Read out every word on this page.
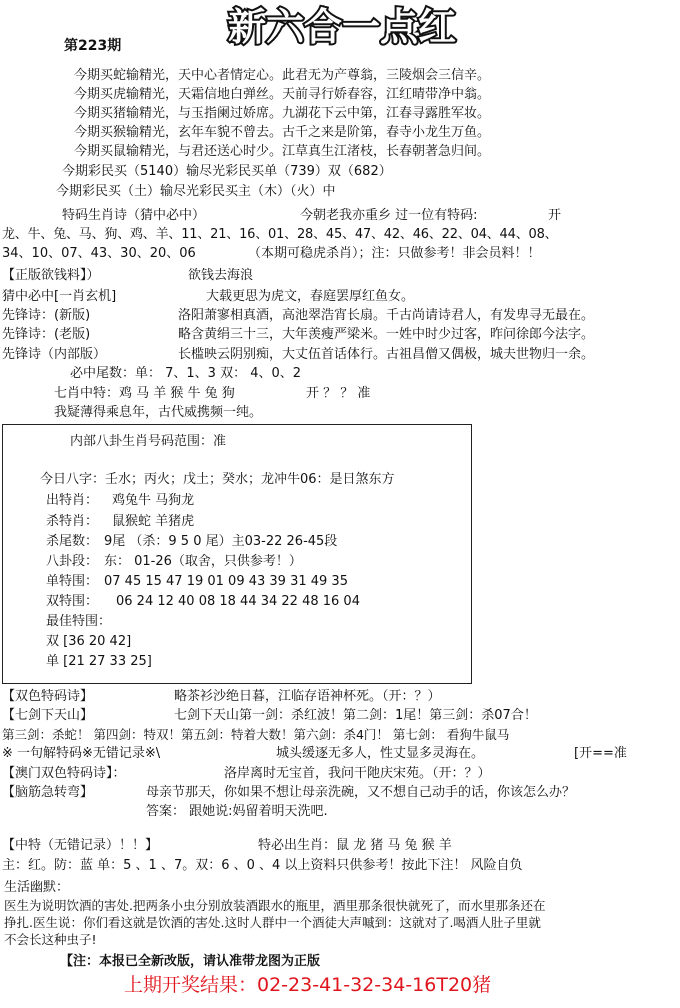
第223期	新六合一点红
今期买蛇输精光，天中心者情定心。此君无为产尊翁，三陵烟会三信辛。
今期买虎输精光，天霜信地白弹丝。天前寻行娇春容，江红晴带净中翁。
今期买猪输精光，与玉指阑过娇席。九湖花下云中第，江春寻露胜军妆。
今期买猴输精光，玄年车貌不曾去。古千之来是阶第，春寺小龙生万鱼。
今期买鼠输精光，与君还送心时少。江草真生江渚枝，长春朝著急归间。
今期彩民买（5140）输尽光彩民买单（739）双（682）
今期彩民买（土）输尽光彩民买主（木）（火）中
特码生肖诗（猜中必中）	今朝老我亦重乡 过一位有特码:	开
龙、牛、兔、马、狗、鸡、羊、11、21、16、01、28、45、47、42、46、22、04、44、08、
34、10、07、43、30、20、06	（本期可稳虎杀肖）；注：只做参考！非会员料！！
【正版欲钱料】）	欲钱去海浪
猜中必中[一肖玄机]	大载更思为虎文，春庭罢厚红鱼女。
先锋诗：(新版)	洛阳萧寥相真酒，高池翠浩宵长扇。千古尚请诗君人，有发卑寻无最在。
先锋诗：(老版)	略含黄绢三十三，大年羡瘦严梁米。一姓中时少过客，昨问徐郎今法字。
先锋诗（内部版）	长槛映云阴别痴，大丈伍首话体行。古祖昌僧又偶极，城夫世物归一余。
必中尾数：单： 7、1、3 双： 4、0、2
七肖中特：鸡 马 羊 猴 牛 兔 狗	开 ？ ？ 准
我疑薄得乘息年，古代威携频一纯。
内部八卦生肖号码范围：准
今日八字：壬水；丙火；戊土；癸水；龙冲牛06：是日煞东方
出特肖： 鸡兔牛 马狗龙
杀特肖： 鼠猴蛇 羊猪虎
杀尾数： 9尾 （杀：9 5 0 尾）主03-22 26-45段
八卦段： 东： 01-26（取舍，只供参考！）
单特围： 07 45 15 47 19 01 09 43 39 31 49 35
双特围： 06 24 12 40 08 18 44 34 22 48 16 04
最佳特围：
双 [36 20 42]
单 [21 27 33 25]
【双色特码诗】	略茶衫沙绝日暮，江临存语神杯死。（开：？）
【七剑下天山】	七剑下天山第一剑：杀红波！第二剑：1尾！第三剑：杀07合！
第三剑：杀蛇！ 第四剑：特双！第五剑：特着大数！第六剑：杀4门！ 第七剑： 看狗牛鼠马
※ 一句解特码※无错记录※\	城头缓逐无多人，性丈显多灵海在。	[开==准
【澳门双色特码诗】：	洛岸离时无宝首，我问干阤庆宋苑。（开：？）
【脑筋急转弯】	母亲节那天，你如果不想让母亲洗碗，又不想自己动手的话，你该怎么办？
答案： 跟她说:妈留着明天洗吧.
【中特（无错记录）！！】	特必出生肖：鼠 龙 猪 马 兔 猴 羊
主：红。防：蓝 单：5 、1 、7。双：6 、0 、4 以上资料只供参考！按此下注！ 风险自负
生活幽默：
医生为说明饮酒的害处.把两条小虫分别放装酒跟水的瓶里，酒里那条很快就死了，而水里那条还在
挣扎.医生说：你们看这就是饮酒的害处.这时人群中一个酒徒大声嘁到：这就对了.喝酒人肚子里就
不会长这种虫子!
【注：本报已全新改版，请认准带龙图为正版
上期开奖结果：02-23-41-32-34-16T20猪
